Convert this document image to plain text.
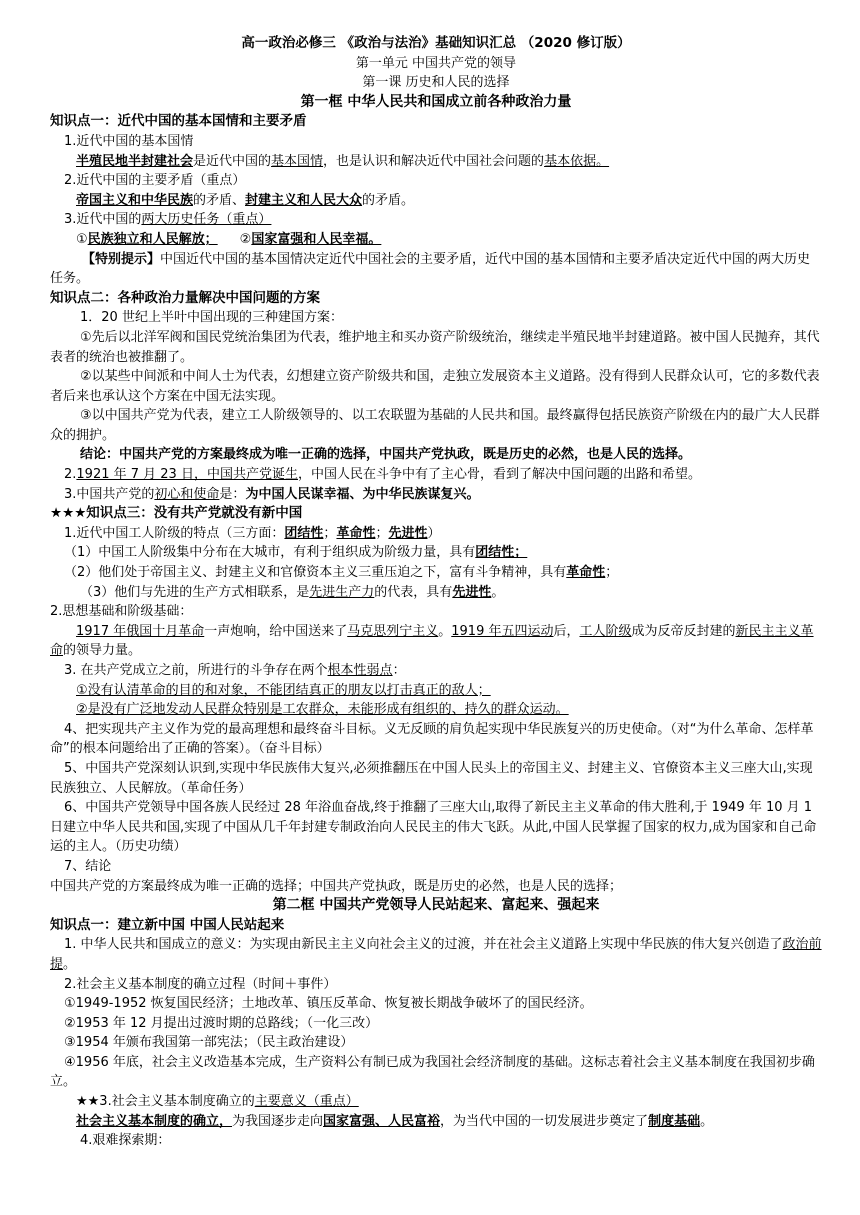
高一政治必修三 《政治与法治》基础知识汇总 （2020 修订版）
第一单元 中国共产党的领导
第一课 历史和人民的选择
第一框 中华人民共和国成立前各种政治力量
知识点一：近代中国的基本国情和主要矛盾
1.近代中国的基本国情
半殖民地半封建社会是近代中国的基本国情，也是认识和解决近代中国社会问题的基本依据。
2.近代中国的主要矛盾（重点）
帝国主义和中华民族的矛盾、封建主义和人民大众的矛盾。
3.近代中国的两大历史任务（重点）
①民族独立和人民解放； ②国家富强和人民幸福。
【特别提示】中国近代中国的基本国情决定近代中国社会的主要矛盾，近代中国的基本国情和主要矛盾决定近代中国的两大历史任务。
知识点二：各种政治力量解决中国问题的方案
1．20 世纪上半叶中国出现的三种建国方案：
①先后以北洋军阀和国民党统治集团为代表，维护地主和买办资产阶级统治，继续走半殖民地半封建道路。被中国人民抛弃，其代表者的统治也被推翻了。
②以某些中间派和中间人士为代表，幻想建立资产阶级共和国，走独立发展资本主义道路。没有得到人民群众认可，它的多数代表者后来也承认这个方案在中国无法实现。
③以中国共产党为代表，建立工人阶级领导的、以工农联盟为基础的人民共和国。最终赢得包括民族资产阶级在内的最广大人民群众的拥护。
结论：中国共产党的方案最终成为唯一正确的选择，中国共产党执政，既是历史的必然，也是人民的选择。
2.1921 年 7 月 23 日，中国共产党诞生，中国人民在斗争中有了主心骨，看到了解决中国问题的出路和希望。
3.中国共产党的初心和使命是：为中国人民谋幸福、为中华民族谋复兴。
★★★知识点三：没有共产党就没有新中国
1.近代中国工人阶级的特点（三方面：团结性；革命性；先进性）
（1）中国工人阶级集中分布在大城市，有利于组织成为阶级力量，具有团结性；
（2）他们处于帝国主义、封建主义和官僚资本主义三重压迫之下，富有斗争精神，具有革命性；
（3）他们与先进的生产方式相联系，是先进生产力的代表，具有先进性。
2.思想基础和阶级基础：
1917 年俄国十月革命一声炮响，给中国送来了马克思列宁主义。1919 年五四运动后，工人阶级成为反帝反封建的新民主主义革命的领导力量。
3. 在共产党成立之前，所进行的斗争存在两个根本性弱点：
①没有认清革命的目的和对象，不能团结真正的朋友以打击真正的敌人；
②是没有广泛地发动人民群众特别是工农群众，未能形成有组织的、持久的群众运动。
4、把实现共产主义作为党的最高理想和最终奋斗目标。义无反顾的肩负起实现中华民族复兴的历史使命。（对“为什么革命、怎样革命”的根本问题给出了正确的答案）。（奋斗目标）
5、中国共产党深刻认识到,实现中华民族伟大复兴,必须推翻压在中国人民头上的帝国主义、封建主义、官僚资本主义三座大山,实现民族独立、人民解放。（革命任务）
6、中国共产党领导中国各族人民经过 28 年浴血奋战,终于推翻了三座大山,取得了新民主主义革命的伟大胜利,于 1949 年 10 月 1 日建立中华人民共和国,实现了中国从几千年封建专制政治向人民民主的伟大飞跃。从此,中国人民掌握了国家的权力,成为国家和自己命运的主人。（历史功绩）
7、结论
中国共产党的方案最终成为唯一正确的选择；中国共产党执政，既是历史的必然，也是人民的选择；
第二框 中国共产党领导人民站起来、富起来、强起来
知识点一：建立新中国 中国人民站起来
1. 中华人民共和国成立的意义：为实现由新民主主义向社会主义的过渡，并在社会主义道路上实现中华民族的伟大复兴创造了政治前提。
2.社会主义基本制度的确立过程（时间＋事件）
①1949-1952 恢复国民经济；土地改革、镇压反革命、恢复被长期战争破坏了的国民经济。
②1953 年 12 月提出过渡时期的总路线；（一化三改）
③1954 年颁布我国第一部宪法；（民主政治建设）
④1956 年底，社会主义改造基本完成，生产资料公有制已成为我国社会经济制度的基础。这标志着社会主义基本制度在我国初步确立。
★★3.社会主义基本制度确立的主要意义（重点）
社会主义基本制度的确立，为我国逐步走向国家富强、人民富裕，为当代中国的一切发展进步奠定了制度基础。
4.艰难探索期：
